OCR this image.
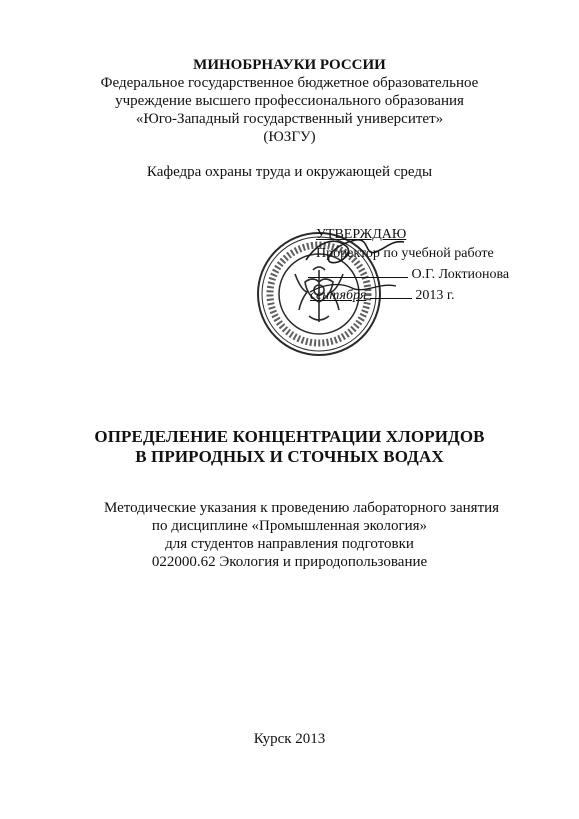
МИНОБРНАУКИ РОССИИ
Федеральное государственное бюджетное образовательное
учреждение высшего профессионального образования
«Юго-Западный государственный университет»
(ЮЗГУ)
Кафедра охраны труда и окружающей среды
УТВЕРЖДАЮ
Проректор по учебной работе
О.Г. Локтионова
сентября	2013 г.
ОПРЕДЕЛЕНИЕ КОНЦЕНТРАЦИИ ХЛОРИДОВ
В ПРИРОДНЫХ И СТОЧНЫХ ВОДАХ
Методические указания к проведению лабораторного занятия
по дисциплине «Промышленная экология»
для студентов направления подготовки
022000.62 Экология и природопользование
Курск 2013
